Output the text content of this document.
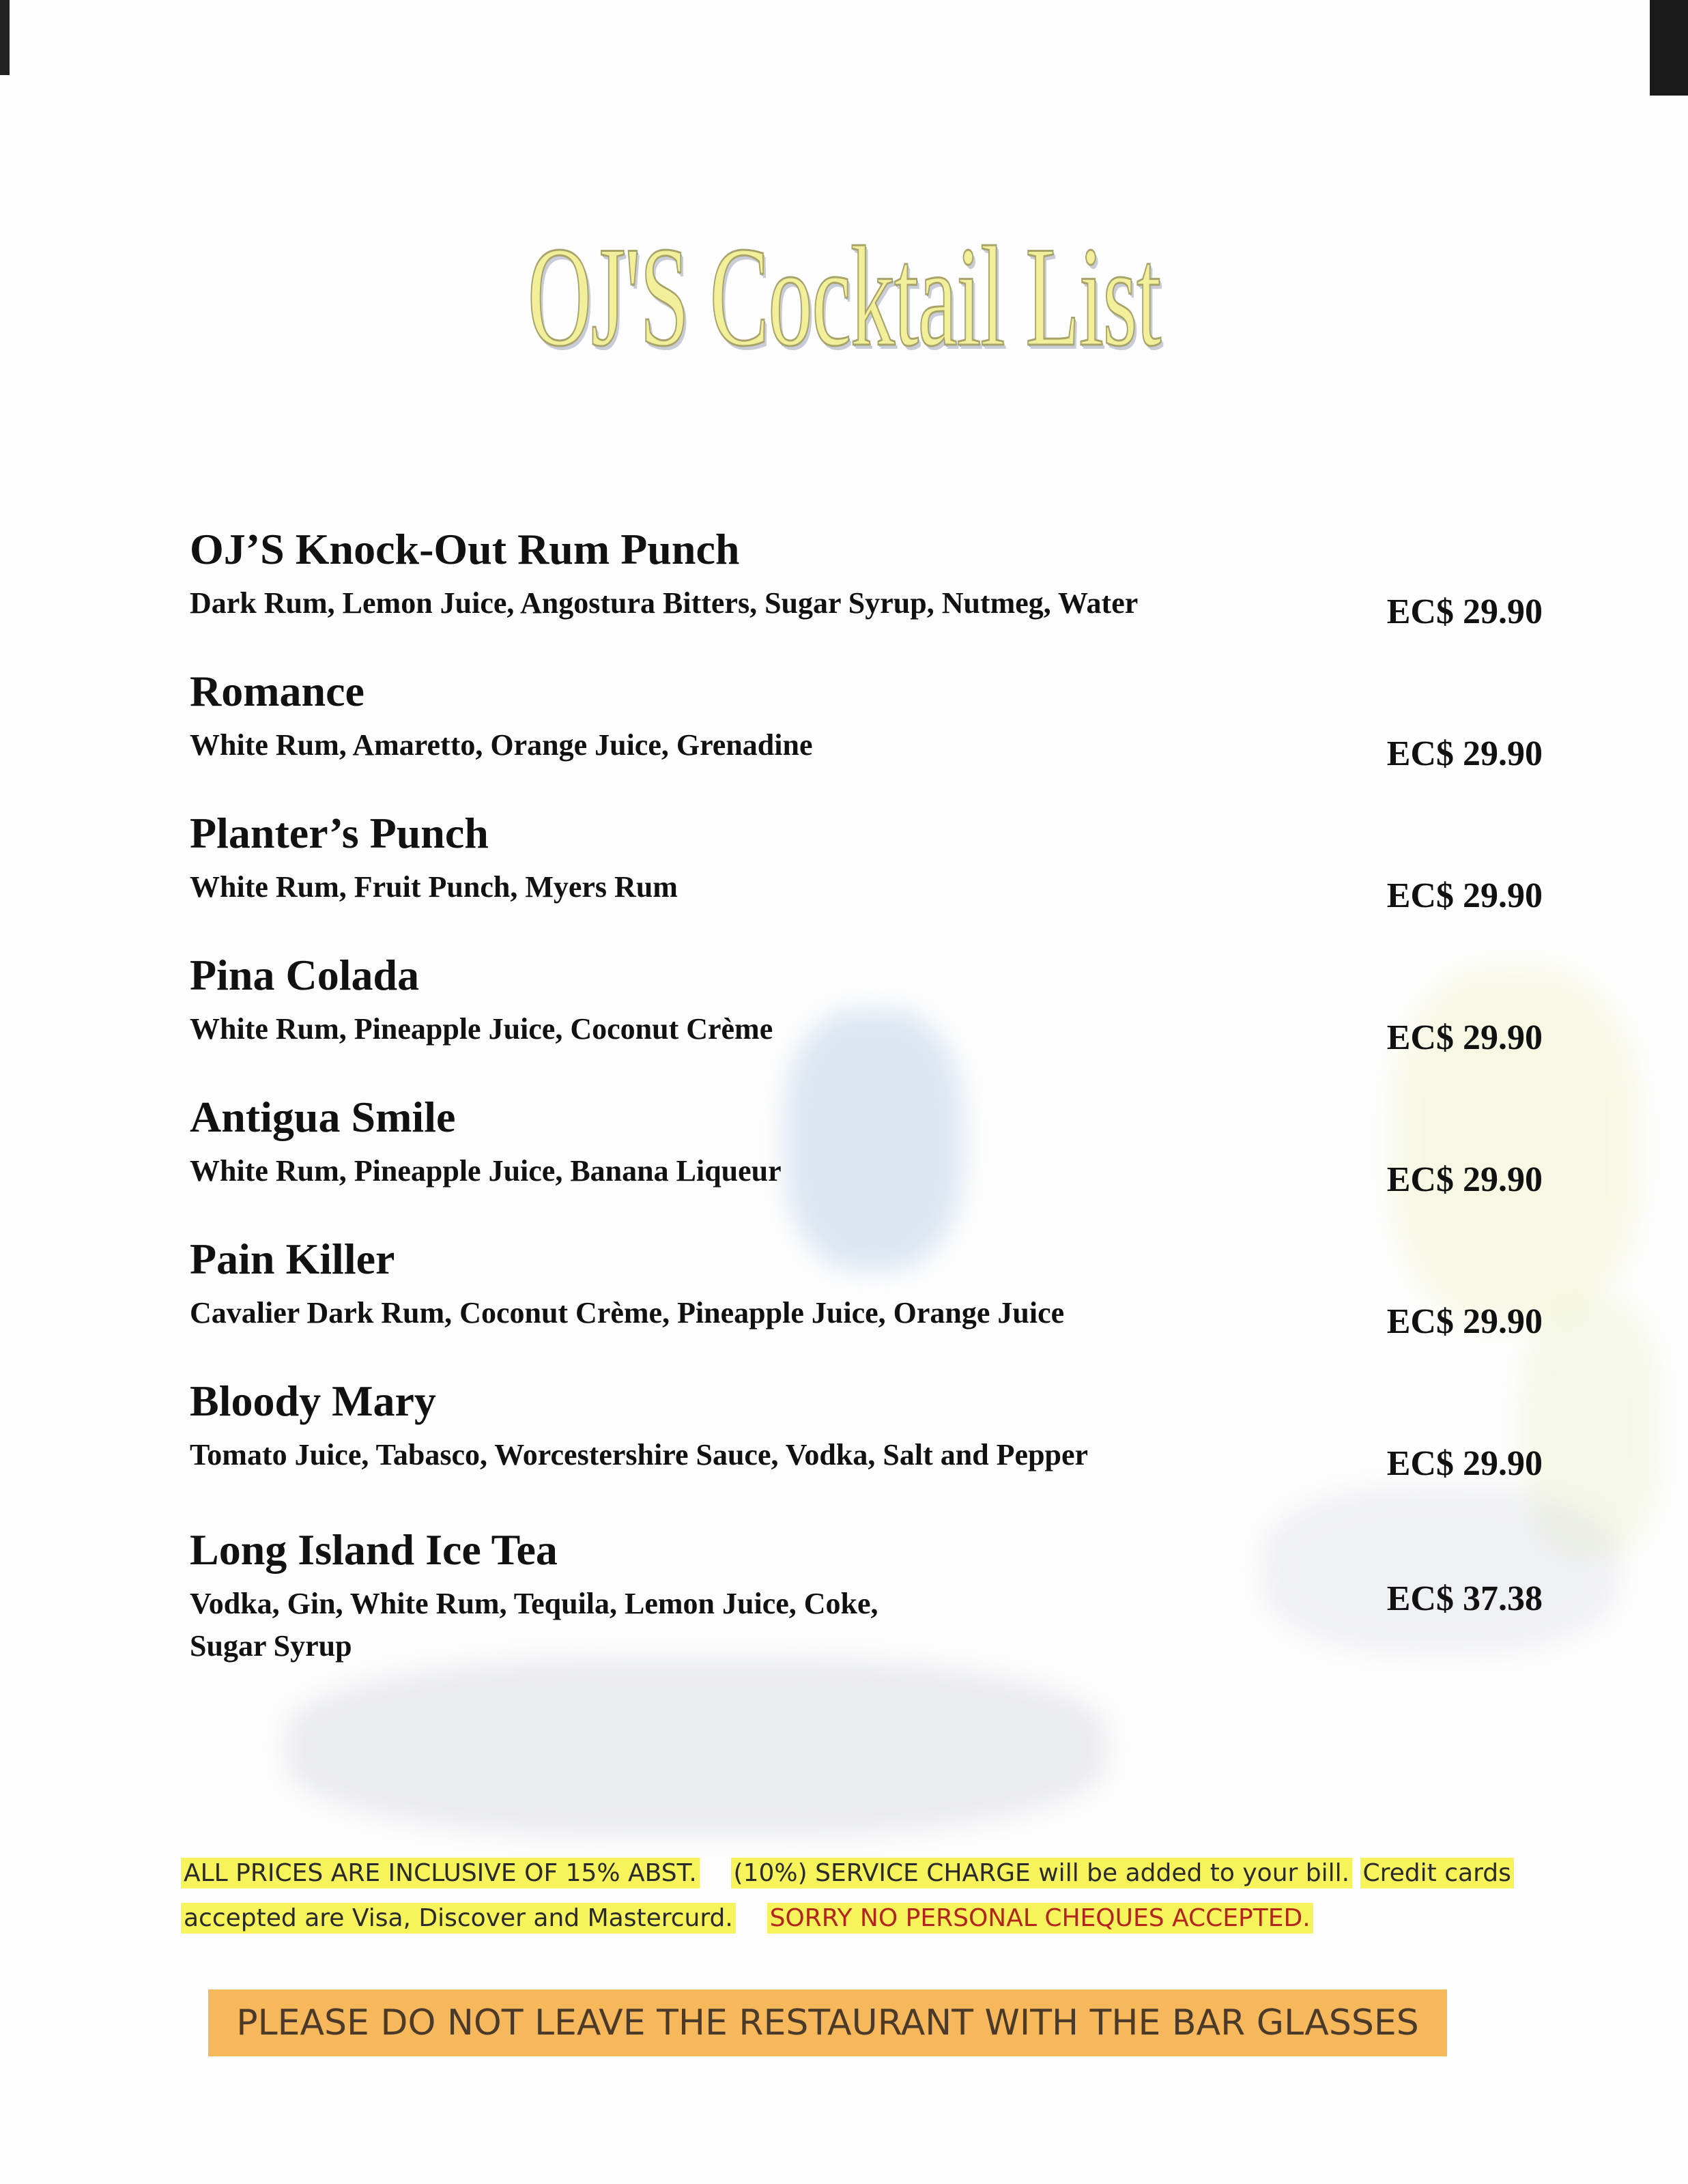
OJ'S Cocktail List
OJ’S Knock-Out Rum Punch
Dark Rum, Lemon Juice, Angostura Bitters, Sugar Syrup, Nutmeg, Water	EC$ 29.90
Romance
White Rum, Amaretto, Orange Juice, Grenadine	EC$ 29.90
Planter’s Punch
White Rum, Fruit Punch, Myers Rum	EC$ 29.90
Pina Colada
White Rum, Pineapple Juice, Coconut Crème	EC$ 29.90
Antigua Smile
White Rum, Pineapple Juice, Banana Liqueur	EC$ 29.90
Pain Killer
Cavalier Dark Rum, Coconut Crème, Pineapple Juice, Orange Juice	EC$ 29.90
Bloody Mary
Tomato Juice, Tabasco, Worcestershire Sauce, Vodka, Salt and Pepper	EC$ 29.90
Long Island Ice Tea
Vodka, Gin, White Rum, Tequila, Lemon Juice, Coke, Sugar Syrup
EC$ 37.38
ALL PRICES ARE INCLUSIVE OF 15% ABST. (10%) SERVICE CHARGE will be added to your bill. Credit cards accepted are Visa, Discover and Mastercurd. SORRY NO PERSONAL CHEQUES ACCEPTED.
PLEASE DO NOT LEAVE THE RESTAURANT WITH THE BAR GLASSES
